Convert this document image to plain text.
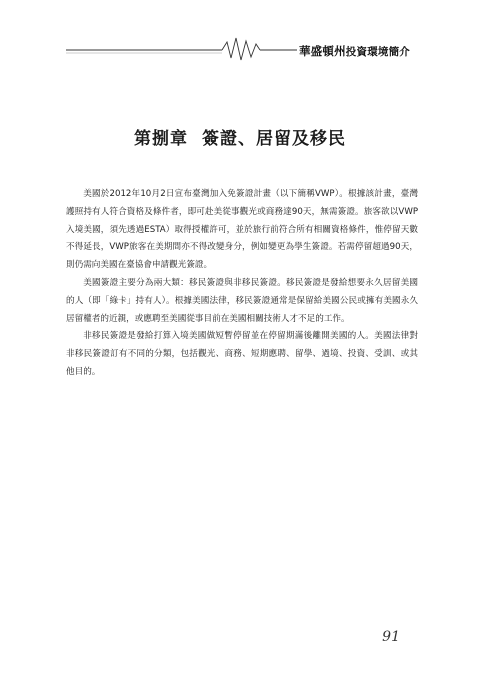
華盛頓州投資環境簡介
第捌章 簽證、居留及移民

美國於2012年10月2日宣布臺灣加入免簽證計畫（以下簡稱VWP）。根據該計畫，臺灣護照持有人符合資格及條件者，即可赴美從事觀光或商務達90天，無需簽證。旅客欲以VWP入境美國，須先透過ESTA）取得授權許可，並於旅行前符合所有相關資格條件，惟停留天數不得延長，VWP旅客在美期間亦不得改變身分，例如變更為學生簽證。若需停留超過90天，則仍需向美國在臺協會申請觀光簽證。

美國簽證主要分為兩大類：移民簽證與非移民簽證。移民簽證是發給想要永久居留美國的人（即「綠卡」持有人）。根據美國法律，移民簽證通常是保留給美國公民或擁有美國永久居留權者的近親，或應聘至美國從事目前在美國相關技術人才不足的工作。

非移民簽證是發給打算入境美國做短暫停留並在停留期滿後離開美國的人。美國法律對非移民簽證訂有不同的分類，包括觀光、商務、短期應聘、留學、過境、投資、受訓、或其他目的。

91
